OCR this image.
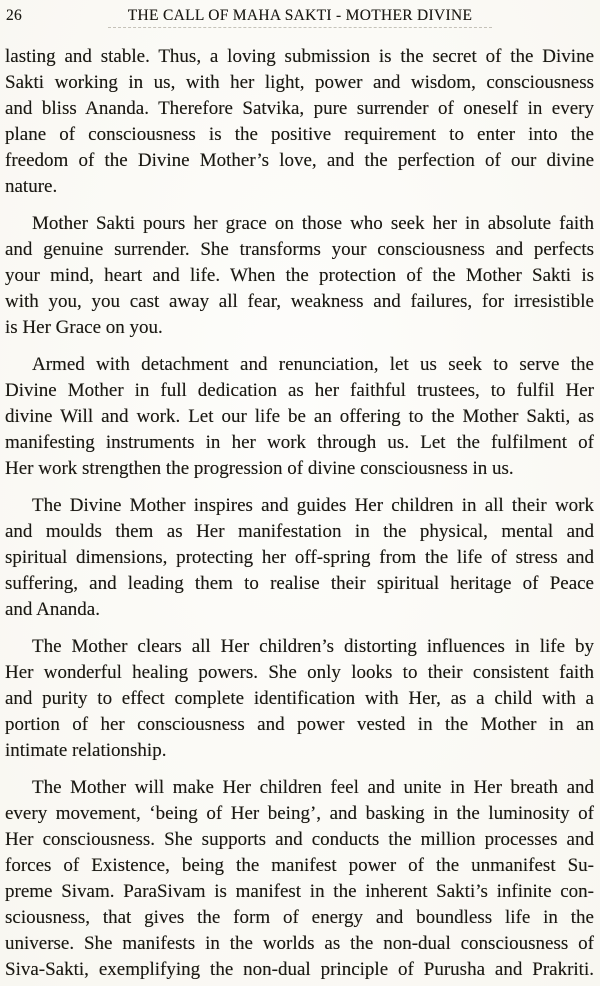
26	THE CALL OF MAHA SAKTI - MOTHER DIVINE
lasting and stable. Thus, a loving submission is the secret of the Divine
Sakti working in us, with her light, power and wisdom, consciousness
and bliss Ananda. Therefore Satvika, pure surrender of oneself in every
plane of consciousness is the positive requirement to enter into the
freedom of the Divine Mother’s love, and the perfection of our divine
nature.
Mother Sakti pours her grace on those who seek her in absolute faith
and genuine surrender. She transforms your consciousness and perfects
your mind, heart and life. When the protection of the Mother Sakti is
with you, you cast away all fear, weakness and failures, for irresistible
is Her Grace on you.
Armed with detachment and renunciation, let us seek to serve the
Divine Mother in full dedication as her faithful trustees, to fulfil Her
divine Will and work. Let our life be an offering to the Mother Sakti, as
manifesting instruments in her work through us. Let the fulfilment of
Her work strengthen the progression of divine consciousness in us.
The Divine Mother inspires and guides Her children in all their work
and moulds them as Her manifestation in the physical, mental and
spiritual dimensions, protecting her off-spring from the life of stress and
suffering, and leading them to realise their spiritual heritage of Peace
and Ananda.
The Mother clears all Her children’s distorting influences in life by
Her wonderful healing powers. She only looks to their consistent faith
and purity to effect complete identification with Her, as a child with a
portion of her consciousness and power vested in the Mother in an
intimate relationship.
The Mother will make Her children feel and unite in Her breath and
every movement, ‘being of Her being’, and basking in the luminosity of
Her consciousness. She supports and conducts the million processes and
forces of Existence, being the manifest power of the unmanifest Su-
preme Sivam. ParaSivam is manifest in the inherent Sakti’s infinite con-
sciousness, that gives the form of energy and boundless life in the
universe. She manifests in the worlds as the non-dual consciousness of
Siva-Sakti, exemplifying the non-dual principle of Purusha and Prakriti.
